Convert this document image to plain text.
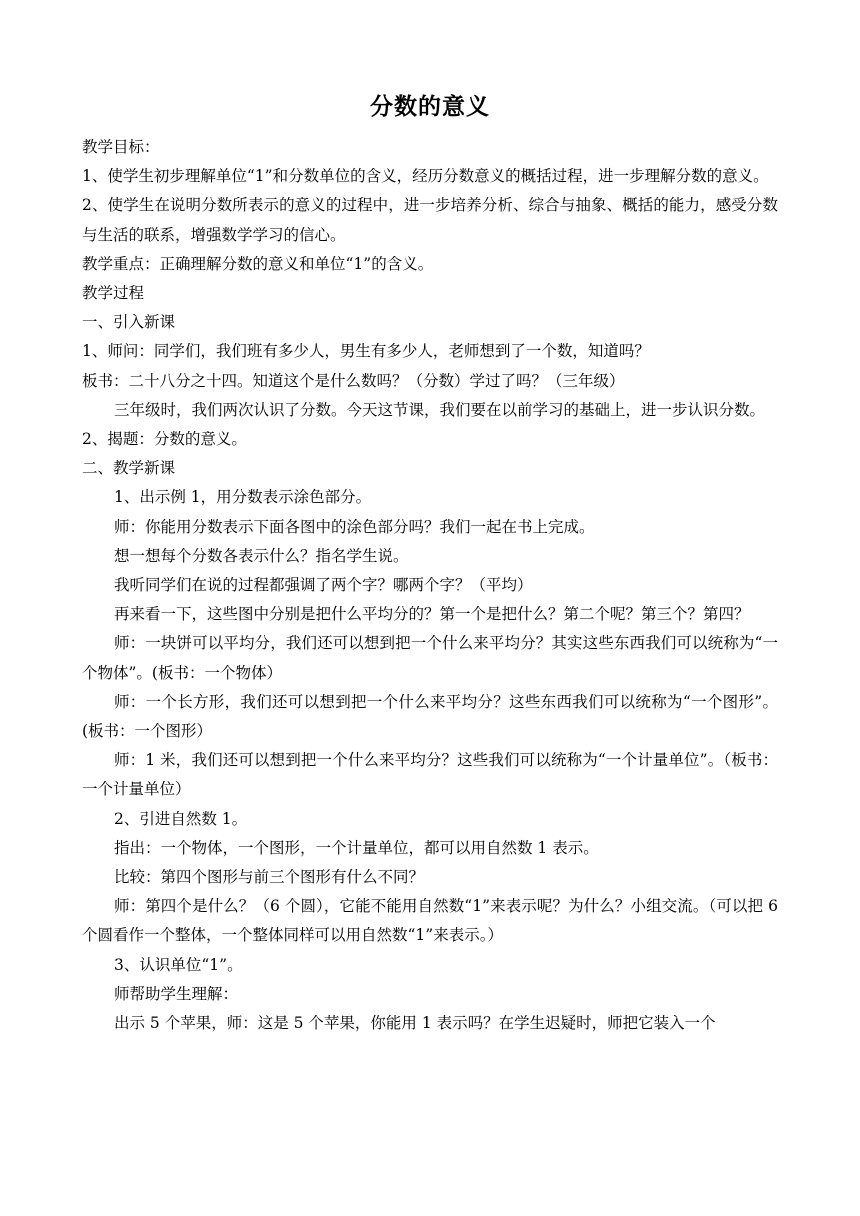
分数的意义

教学目标：

1、使学生初步理解单位“1”和分数单位的含义，经历分数意义的概括过程，进一步理解分数的意义。

2、使学生在说明分数所表示的意义的过程中，进一步培养分析、综合与抽象、概括的能力，感受分数与生活的联系，增强数学学习的信心。

教学重点：正确理解分数的意义和单位“1”的含义。

教学过程

一、引入新课

1、师问：同学们，我们班有多少人，男生有多少人，老师想到了一个数，知道吗？

板书：二十八分之十四。知道这个是什么数吗？（分数）学过了吗？（三年级）

三年级时，我们两次认识了分数。今天这节课，我们要在以前学习的基础上，进一步认识分数。

2、揭题：分数的意义。

二、教学新课

1、出示例 1，用分数表示涂色部分。

师：你能用分数表示下面各图中的涂色部分吗？我们一起在书上完成。

想一想每个分数各表示什么？指名学生说。

我听同学们在说的过程都强调了两个字？哪两个字？（平均）

再来看一下，这些图中分别是把什么平均分的？第一个是把什么？第二个呢？第三个？第四？

师：一块饼可以平均分，我们还可以想到把一个什么来平均分？其实这些东西我们可以统称为“一个物体”。(板书：一个物体）

师：一个长方形，我们还可以想到把一个什么来平均分？这些东西我们可以统称为“一个图形”。(板书：一个图形）

师：1 米，我们还可以想到把一个什么来平均分？这些我们可以统称为“一个计量单位”。（板书：一个计量单位）

2、引进自然数 1。

指出：一个物体，一个图形，一个计量单位，都可以用自然数 1 表示。

比较：第四个图形与前三个图形有什么不同？

师：第四个是什么？（6 个圆），它能不能用自然数“1”来表示呢？为什么？小组交流。（可以把 6 个圆看作一个整体，一个整体同样可以用自然数“1”来表示。）

3、认识单位“1”。

师帮助学生理解：

出示 5 个苹果，师：这是 5 个苹果，你能用 1 表示吗？在学生迟疑时，师把它装入一个
